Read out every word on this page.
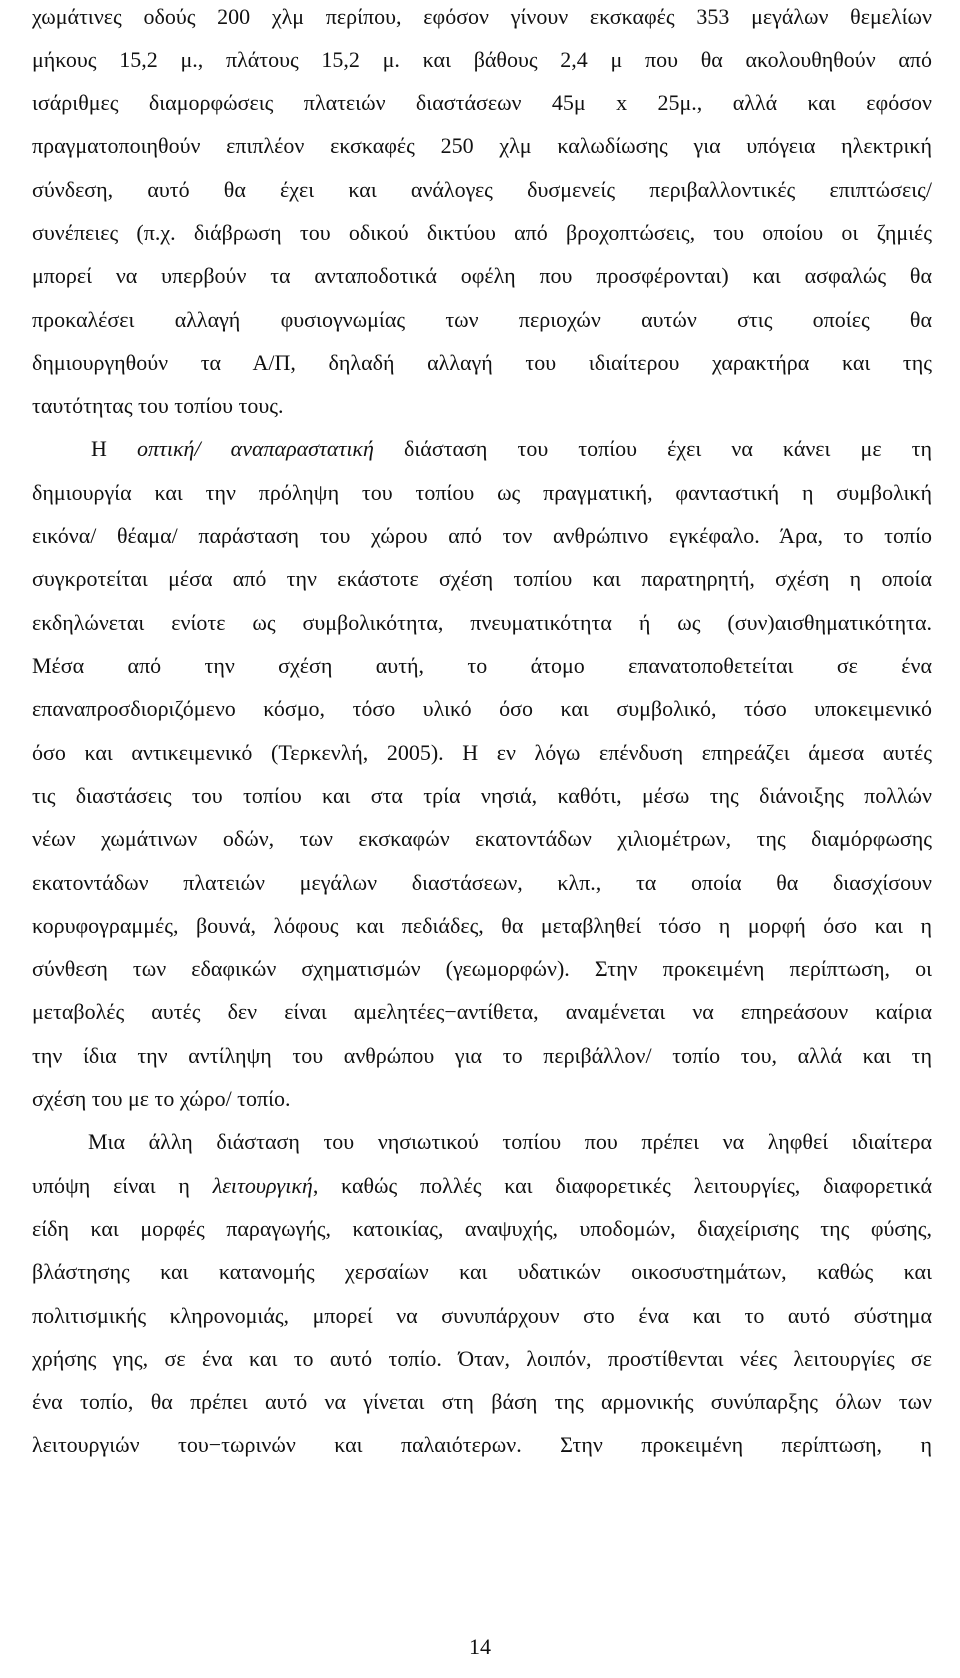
χωμάτινες οδούς 200 χλμ περίπου, εφόσον γίνουν εκσκαφές 353 μεγάλων θεμελίων
μήκους 15,2 μ., πλάτους 15,2 μ. και βάθους 2,4 μ που θα ακολουθηθούν από
ισάριθμες διαμορφώσεις πλατειών διαστάσεων 45μ x 25μ., αλλά και εφόσον
πραγματοποιηθούν επιπλέον εκσκαφές 250 χλμ καλωδίωσης για υπόγεια ηλεκτρική
σύνδεση, αυτό θα έχει και ανάλογες δυσμενείς περιβαλλοντικές επιπτώσεις/
συνέπειες (π.χ. διάβρωση του οδικού δικτύου από βροχοπτώσεις, του οποίου οι ζημιές
μπορεί να υπερβούν τα ανταποδοτικά οφέλη που προσφέρονται) και ασφαλώς θα
προκαλέσει αλλαγή φυσιογνωμίας των περιοχών αυτών στις οποίες θα
δημιουργηθούν τα Α/Π, δηλαδή αλλαγή του ιδιαίτερου χαρακτήρα και της
ταυτότητας του τοπίου τους.
Η οπτική/ αναπαραστατική διάσταση του τοπίου έχει να κάνει με τη
δημιουργία και την πρόληψη του τοπίου ως πραγματική, φανταστική η συμβολική
εικόνα/ θέαμα/ παράσταση του χώρου από τον ανθρώπινο εγκέφαλο. Άρα, το τοπίο
συγκροτείται μέσα από την εκάστοτε σχέση τοπίου και παρατηρητή, σχέση η οποία
εκδηλώνεται ενίοτε ως συμβολικότητα, πνευματικότητα ή ως (συν)αισθηματικότητα.
Μέσα από την σχέση αυτή, το άτομο επανατοποθετείται σε ένα
επαναπροσδιοριζόμενο κόσμο, τόσο υλικό όσο και συμβολικό, τόσο υποκειμενικό
όσο και αντικειμενικό (Τερκενλή, 2005). Η εν λόγω επένδυση επηρεάζει άμεσα αυτές
τις διαστάσεις του τοπίου και στα τρία νησιά, καθότι, μέσω της διάνοιξης πολλών
νέων χωμάτινων οδών, των εκσκαφών εκατοντάδων χιλιομέτρων, της διαμόρφωσης
εκατοντάδων πλατειών μεγάλων διαστάσεων, κλπ., τα οποία θα διασχίσουν
κορυφογραμμές, βουνά, λόφους και πεδιάδες, θα μεταβληθεί τόσο η μορφή όσο και η
σύνθεση των εδαφικών σχηματισμών (γεωμορφών). Στην προκειμένη περίπτωση, οι
μεταβολές αυτές δεν είναι αμελητέες−αντίθετα, αναμένεται να επηρεάσουν καίρια
την ίδια την αντίληψη του ανθρώπου για το περιβάλλον/ τοπίο του, αλλά και τη
σχέση του με το χώρο/ τοπίο.
Μια άλλη διάσταση του νησιωτικού τοπίου που πρέπει να ληφθεί ιδιαίτερα
υπόψη είναι η λειτουργική, καθώς πολλές και διαφορετικές λειτουργίες, διαφορετικά
είδη και μορφές παραγωγής, κατοικίας, αναψυχής, υποδομών, διαχείρισης της φύσης,
βλάστησης και κατανομής χερσαίων και υδατικών οικοσυστημάτων, καθώς και
πολιτισμικής κληρονομιάς, μπορεί να συνυπάρχουν στο ένα και το αυτό σύστημα
χρήσης γης, σε ένα και το αυτό τοπίο. Όταν, λοιπόν, προστίθενται νέες λειτουργίες σε
ένα τοπίο, θα πρέπει αυτό να γίνεται στη βάση της αρμονικής συνύπαρξης όλων των
λειτουργιών του−τωρινών και παλαιότερων. Στην προκειμένη περίπτωση, η
14
